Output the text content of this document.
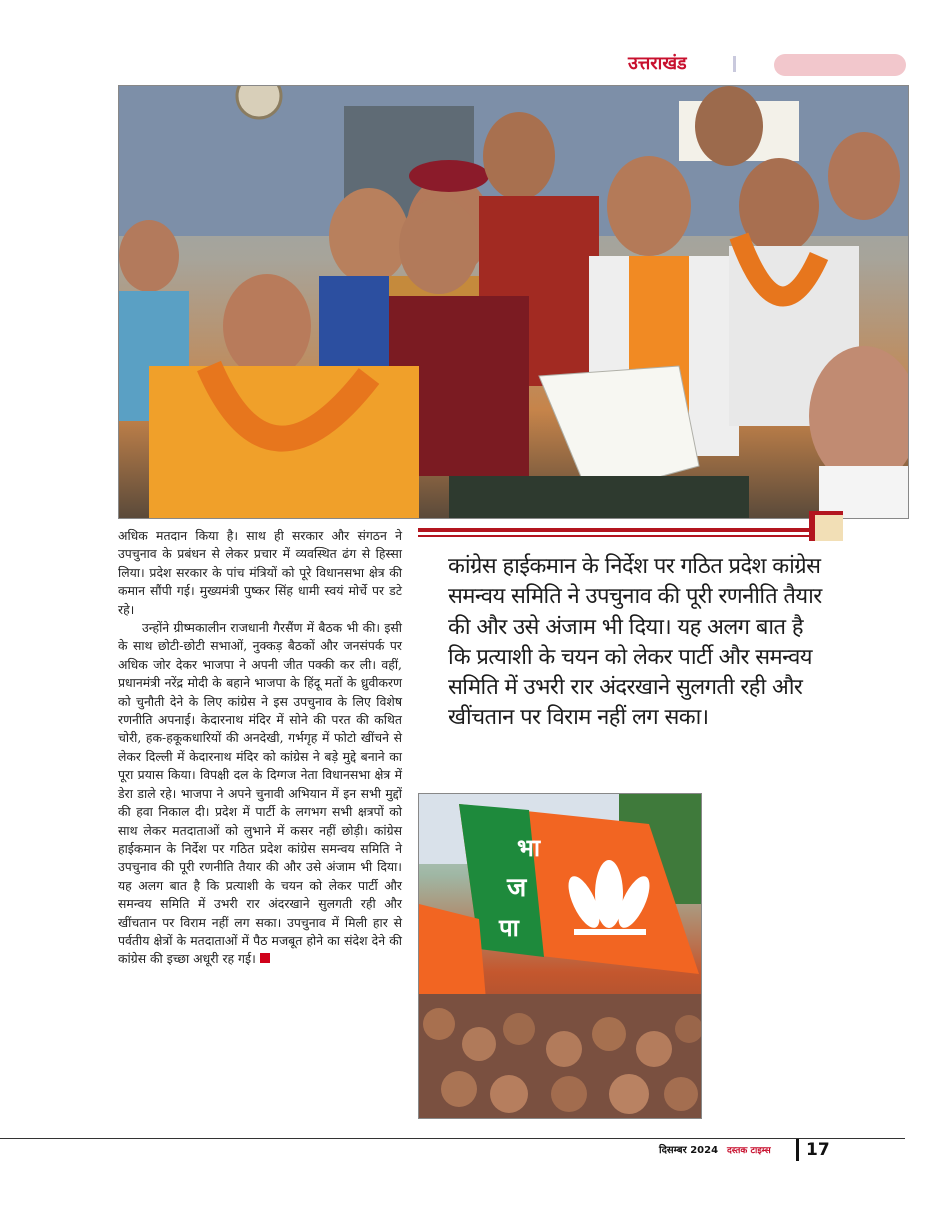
उत्तराखंड

अधिक मतदान किया है। साथ ही सरकार और संगठन ने उपचुनाव के प्रबंधन से लेकर प्रचार में व्यवस्थित ढंग से हिस्सा लिया। प्रदेश सरकार के पांच मंत्रियों को पूरे विधानसभा क्षेत्र की कमान सौंपी गई। मुख्यमंत्री पुष्कर सिंह धामी स्वयं मोर्चे पर डटे रहे।

उन्होंने ग्रीष्मकालीन राजधानी गैरसैंण में बैठक भी की। इसी के साथ छोटी-छोटी सभाओं, नुक्कड़ बैठकों और जनसंपर्क पर अधिक जोर देकर भाजपा ने अपनी जीत पक्की कर ली। वहीं, प्रधानमंत्री नरेंद्र मोदी के बहाने भाजपा के हिंदू मतों के ध्रुवीकरण को चुनौती देने के लिए कांग्रेस ने इस उपचुनाव के लिए विशेष रणनीति अपनाई। केदारनाथ मंदिर में सोने की परत की कथित चोरी, हक-हकूकधारियों की अनदेखी, गर्भगृह में फोटो खींचने से लेकर दिल्ली में केदारनाथ मंदिर को कांग्रेस ने बड़े मुद्दे बनाने का पूरा प्रयास किया। विपक्षी दल के दिग्गज नेता विधानसभा क्षेत्र में डेरा डाले रहे। भाजपा ने अपने चुनावी अभियान में इन सभी मुद्दों की हवा निकाल दी। प्रदेश में पार्टी के लगभग सभी क्षत्रपों को साथ लेकर मतदाताओं को लुभाने में कसर नहीं छोड़ी। कांग्रेस हाईकमान के निर्देश पर गठित प्रदेश कांग्रेस समन्वय समिति ने उपचुनाव की पूरी रणनीति तैयार की और उसे अंजाम भी दिया। यह अलग बात है कि प्रत्याशी के चयन को लेकर पार्टी और समन्वय समिति में उभरी रार अंदरखाने सुलगती रही और खींचतान पर विराम नहीं लग सका। उपचुनाव में मिली हार से पर्वतीय क्षेत्रों के मतदाताओं में पैठ मजबूत होने का संदेश देने की कांग्रेस की इच्छा अधूरी रह गई।

कांग्रेस हाईकमान के निर्देश पर गठित प्रदेश कांग्रेस समन्वय समिति ने उपचुनाव की पूरी रणनीति तैयार की और उसे अंजाम भी दिया। यह अलग बात है कि प्रत्याशी के चयन को लेकर पार्टी और समन्वय समिति में उभरी रार अंदरखाने सुलगती रही और खींचतान पर विराम नहीं लग सका।

भा
ज
पा
दिसम्बर 2024 दस्तक टाइम्स	17
